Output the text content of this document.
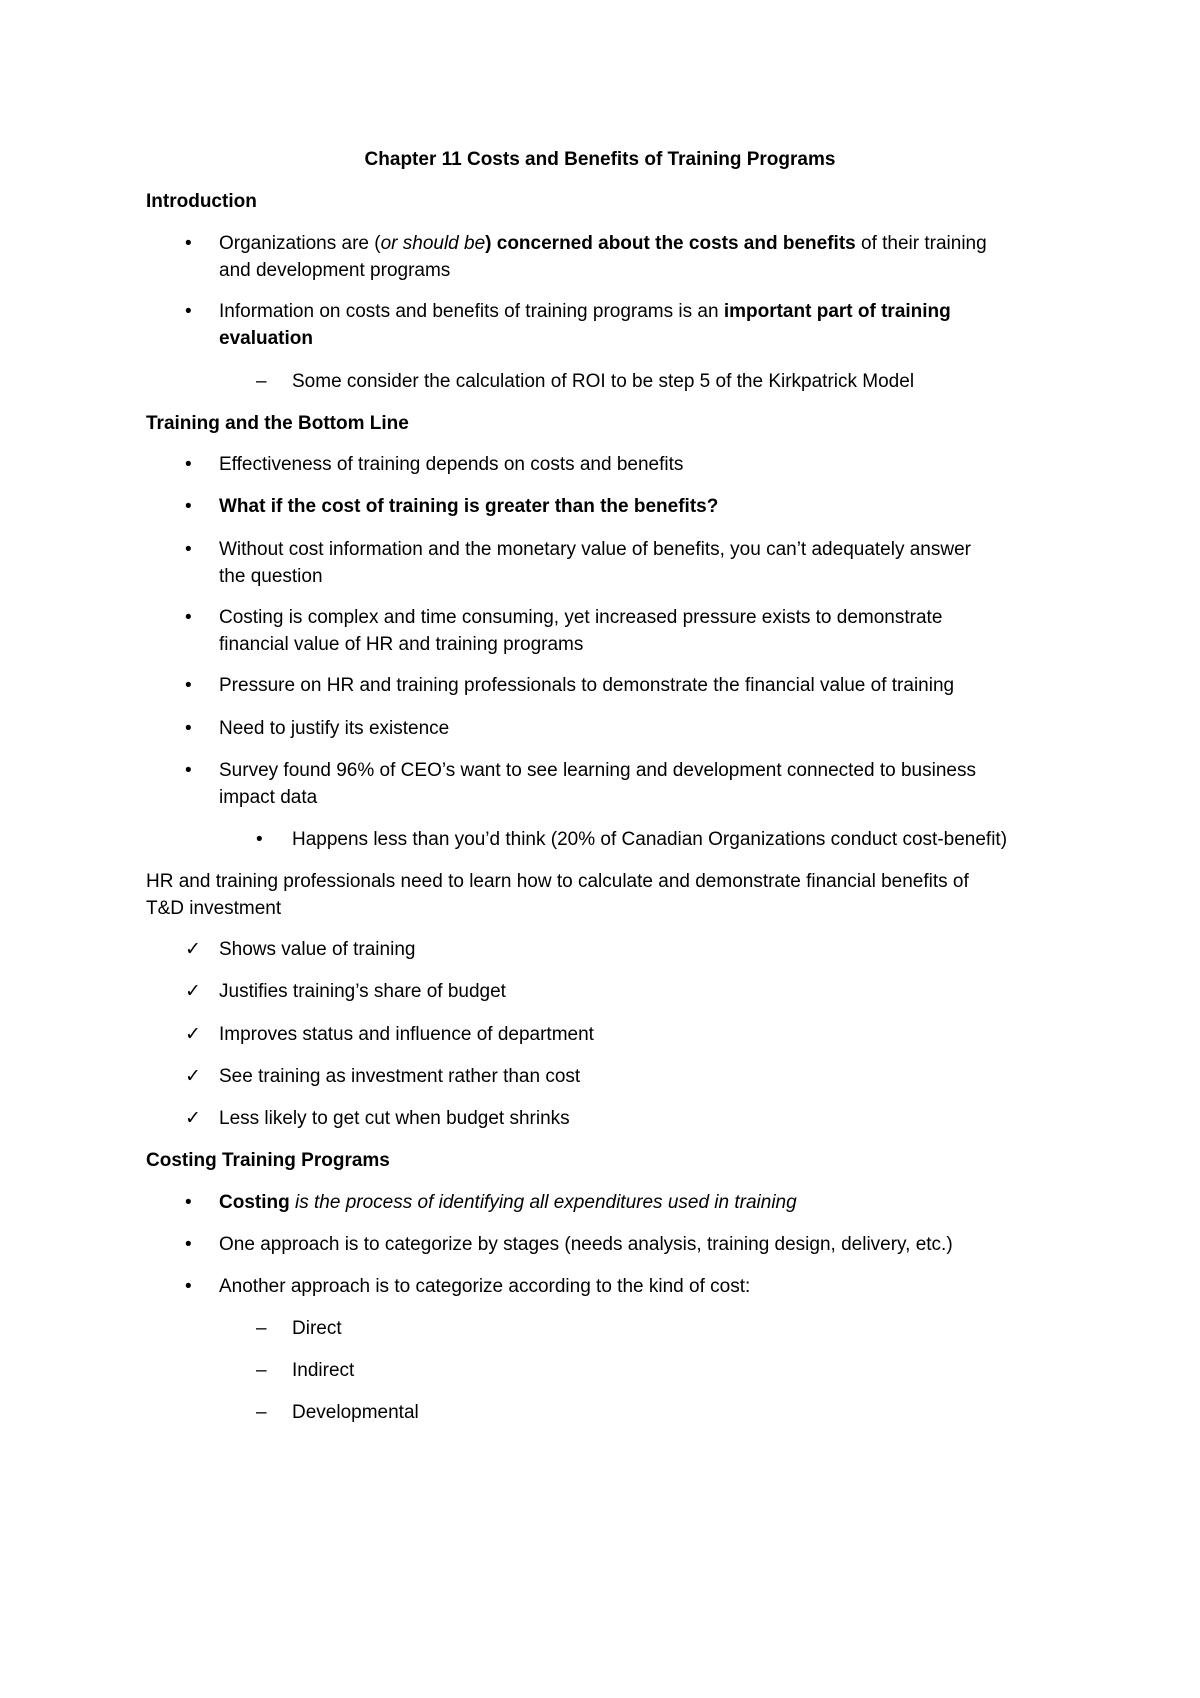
Chapter 11 Costs and Benefits of Training Programs
Introduction
• Organizations are (or should be) concerned about the costs and benefits of their training
and development programs
• Information on costs and benefits of training programs is an important part of training
evaluation
– Some consider the calculation of ROI to be step 5 of the Kirkpatrick Model
Training and the Bottom Line
• Effectiveness of training depends on costs and benefits
• What if the cost of training is greater than the benefits?
• Without cost information and the monetary value of benefits, you can’t adequately answer
the question
• Costing is complex and time consuming, yet increased pressure exists to demonstrate
financial value of HR and training programs
• Pressure on HR and training professionals to demonstrate the financial value of training
• Need to justify its existence
• Survey found 96% of CEO’s want to see learning and development connected to business
impact data
• Happens less than you’d think (20% of Canadian Organizations conduct cost-benefit)
HR and training professionals need to learn how to calculate and demonstrate financial benefits of
T&D investment
✓ Shows value of training
✓ Justifies training’s share of budget
✓ Improves status and influence of department
✓ See training as investment rather than cost
✓ Less likely to get cut when budget shrinks
Costing Training Programs
• Costing is the process of identifying all expenditures used in training
• One approach is to categorize by stages (needs analysis, training design, delivery, etc.)
• Another approach is to categorize according to the kind of cost:
– Direct
– Indirect
– Developmental
